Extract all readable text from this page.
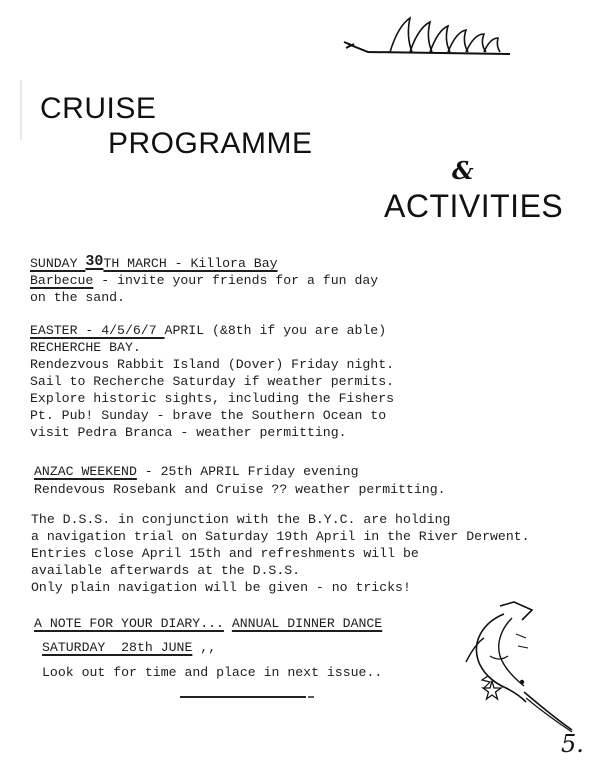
CRUISE
PROGRAMME
&
ACTIVITIES
SUNDAY 30TH MARCH - Killora Bay
Barbecue - invite your friends for a fun day
on the sand.
EASTER - 4/5/6/7 APRIL (&8th if you are able)
RECHERCHE BAY.
Rendezvous Rabbit Island (Dover) Friday night.
Sail to Recherche Saturday if weather permits.
Explore historic sights, including the Fishers
Pt. Pub! Sunday - brave the Southern Ocean to
visit Pedra Branca - weather permitting.
ANZAC WEEKEND - 25th APRIL Friday evening
Rendevous Rosebank and Cruise ?? weather permitting.
The D.S.S. in conjunction with the B.Y.C. are holding
a navigation trial on Saturday 19th April in the River Derwent.
Entries close April 15th and refreshments will be
available afterwards at the D.S.S.
Only plain navigation will be given - no tricks!
A NOTE FOR YOUR DIARY... ANNUAL DINNER DANCE
SATURDAY  28th JUNE ,,
Look out for time and place in next issue..
5.
